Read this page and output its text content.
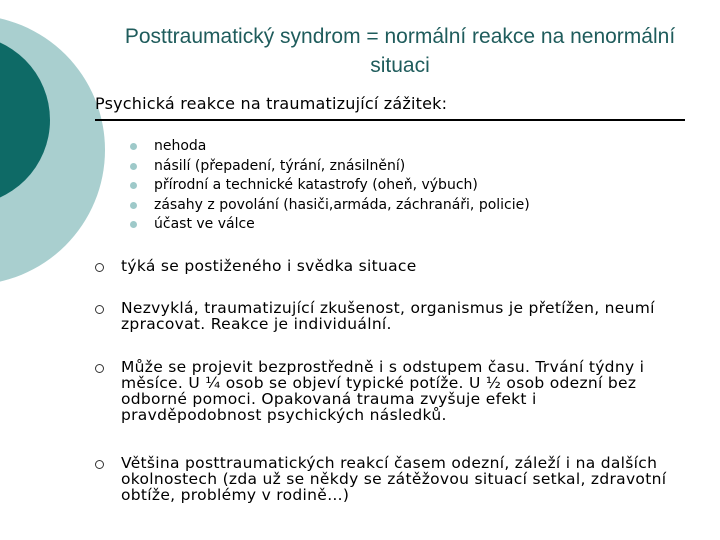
Posttraumatický syndrom = normální reakce na nenormální situaci
Psychická reakce na traumatizující zážitek:
nehoda
násilí (přepadení, týrání, znásilnění)
přírodní a technické katastrofy (oheň, výbuch)
zásahy z povolání (hasiči,armáda, záchranáři, policie)
účast ve válce
týká se postiženého i svědka situace
Nezvyklá, traumatizující zkušenost, organismus je přetížen, neumí zpracovat. Reakce je individuální.
Může se projevit bezprostředně i s odstupem času. Trvání týdny i měsíce. U ¼ osob se objeví typické potíže. U ½ osob odezní bez odborné pomoci. Opakovaná trauma zvyšuje efekt i pravděpodobnost psychických následků.
Většina posttraumatických reakcí časem odezní, záleží i na dalších okolnostech (zda už se někdy se zátěžovou situací setkal, zdravotní obtíže, problémy v rodině…)
